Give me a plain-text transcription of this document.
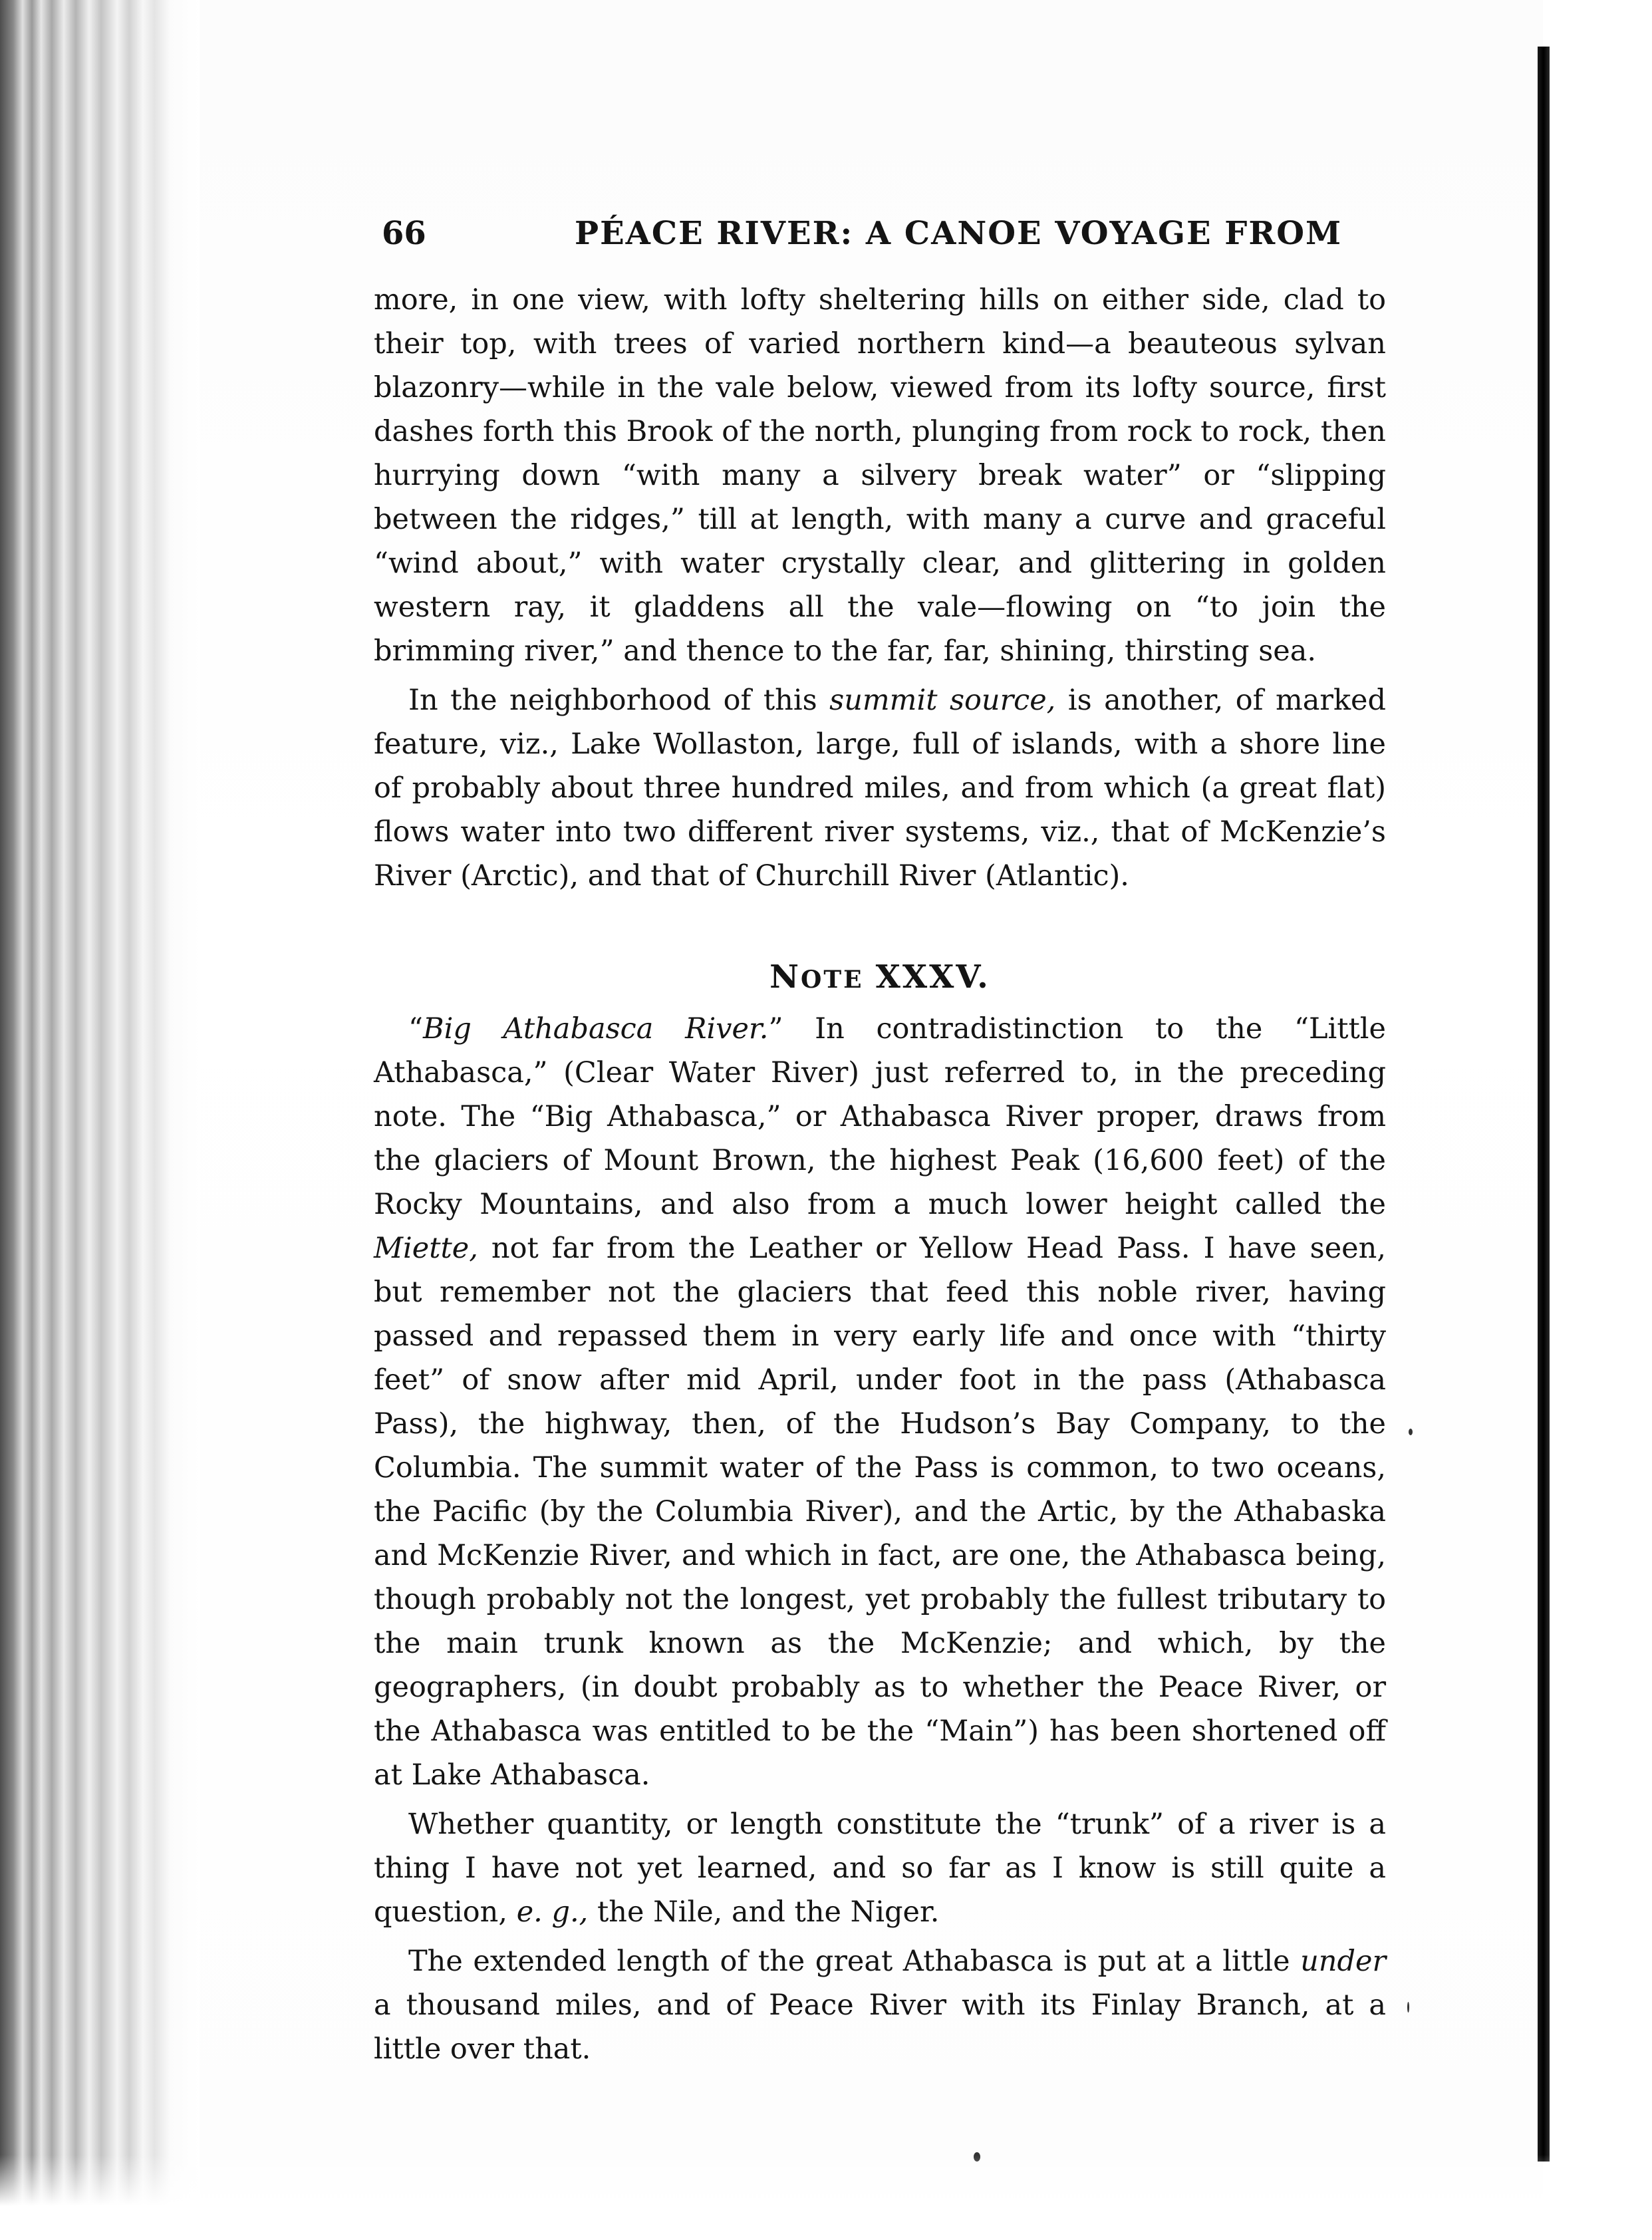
66	PÉACE RIVER: A CANOE VOYAGE FROM

more, in one view, with lofty sheltering hills on either side, clad to their top, with trees of varied northern kind—a beauteous sylvan blazonry—while in the vale below, viewed from its lofty source, first dashes forth this Brook of the north, plunging from rock to rock, then hurrying down “with many a silvery break water” or “slipping between the ridges,” till at length, with many a curve and graceful “wind about,” with water crystally clear, and glittering in golden western ray, it gladdens all the vale—flowing on “to join the brimming river,” and thence to the far, far, shining, thirsting sea.

In the neighborhood of this summit source, is another, of marked feature, viz., Lake Wollaston, large, full of islands, with a shore line of probably about three hundred miles, and from which (a great flat) flows water into two different river systems, viz., that of McKenzie’s River (Arctic), and that of Churchill River (Atlantic).

NOTE XXXV.

“Big Athabasca River.” In contradistinction to the “Little Athabasca,” (Clear Water River) just referred to, in the preceding note. The “Big Athabasca,” or Athabasca River proper, draws from the glaciers of Mount Brown, the highest Peak (16,600 feet) of the Rocky Mountains, and also from a much lower height called the Miette, not far from the Leather or Yellow Head Pass. I have seen, but remember not the glaciers that feed this noble river, having passed and repassed them in very early life and once with “thirty feet” of snow after mid April, under foot in the pass (Athabasca Pass), the highway, then, of the Hudson’s Bay Company, to the Columbia. The summit water of the Pass is common, to two oceans, the Pacific (by the Columbia River), and the Artic, by the Athabaska and McKenzie River, and which in fact, are one, the Athabasca being, though probably not the longest, yet probably the fullest tributary to the main trunk known as the McKenzie; and which, by the geographers, (in doubt probably as to whether the Peace River, or the Athabasca was entitled to be the “Main”) has been shortened off at Lake Athabasca.

Whether quantity, or length constitute the “trunk” of a river is a thing I have not yet learned, and so far as I know is still quite a question, e. g., the Nile, and the Niger.

The extended length of the great Athabasca is put at a little under a thousand miles, and of Peace River with its Finlay Branch, at a little over that.
